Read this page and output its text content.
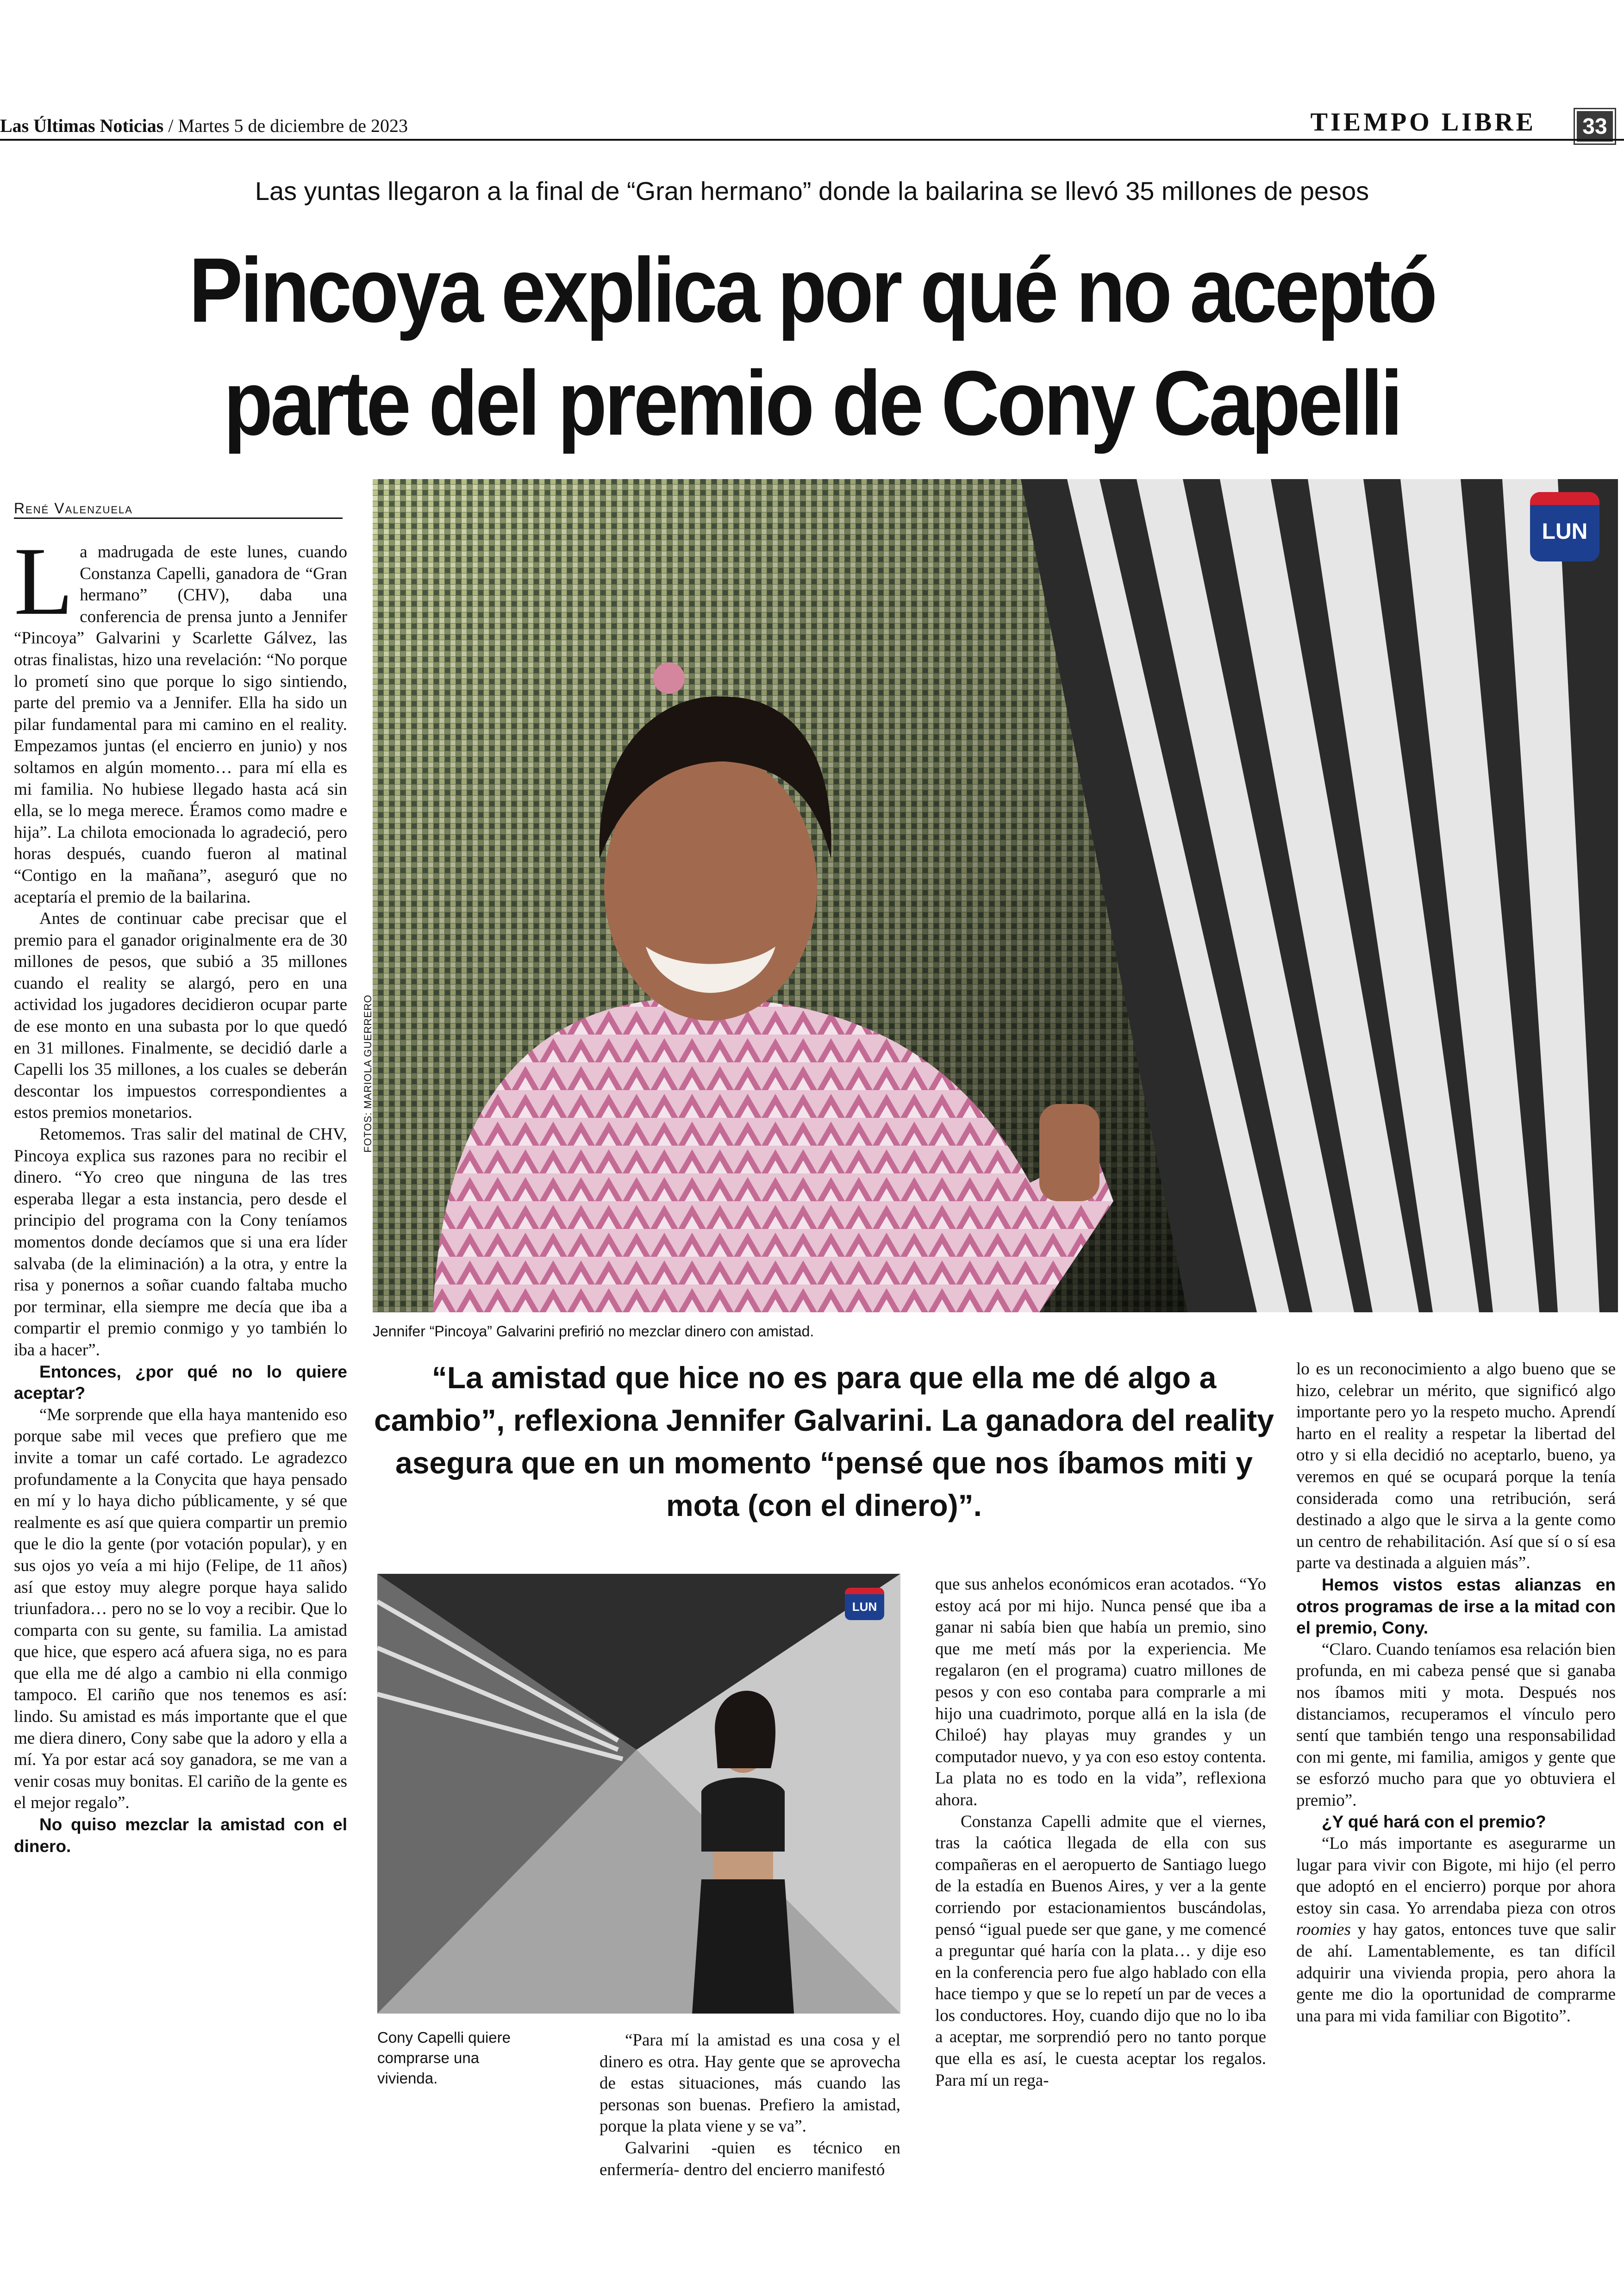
Las Últimas Noticias / Martes 5 de diciembre de 2023	TIEMPO LIBRE	33
Las yuntas llegaron a la final de “Gran hermano” donde la bailarina se llevó 35 millones de pesos
Pincoya explica por qué no aceptó
parte del premio de Cony Capelli
René Valenzuela

La madrugada de este lunes, cuando Constanza Capelli, ganadora de “Gran hermano” (CHV), daba una conferencia de prensa junto a Jennifer “Pincoya” Galvarini y Scarlette Gálvez, las otras finalistas, hizo una revelación: “No porque lo prometí sino que porque lo sigo sintiendo, parte del premio va a Jennifer. Ella ha sido un pilar fundamental para mi camino en el reality. Empezamos juntas (el encierro en junio) y nos soltamos en algún momento… para mí ella es mi familia. No hubiese llegado hasta acá sin ella, se lo mega merece. Éramos como madre e hija”. La chilota emocionada lo agradeció, pero horas después, cuando fueron al matinal “Contigo en la mañana”, aseguró que no aceptaría el premio de la bailarina.

Antes de continuar cabe precisar que el premio para el ganador originalmente era de 30 millones de pesos, que subió a 35 millones cuando el reality se alargó, pero en una actividad los jugadores decidieron ocupar parte de ese monto en una subasta por lo que quedó en 31 millones. Finalmente, se decidió darle a Capelli los 35 millones, a los cuales se deberán descontar los impuestos correspondientes a estos premios monetarios.

Retomemos. Tras salir del matinal de CHV, Pincoya explica sus razones para no recibir el dinero. “Yo creo que ninguna de las tres esperaba llegar a esta instancia, pero desde el principio del programa con la Cony teníamos momentos donde decíamos que si una era líder salvaba (de la eliminación) a la otra, y entre la risa y ponernos a soñar cuando faltaba mucho por terminar, ella siempre me decía que iba a compartir el premio conmigo y yo también lo iba a hacer”.

Entonces, ¿por qué no lo quiere aceptar?

“Me sorprende que ella haya mantenido eso porque sabe mil veces que prefiero que me invite a tomar un café cortado. Le agradezco profundamente a la Conycita que haya pensado en mí y lo haya dicho públicamente, y sé que realmente es así que quiera compartir un premio que le dio la gente (por votación popular), y en sus ojos yo veía a mi hijo (Felipe, de 11 años) así que estoy muy alegre porque haya salido triunfadora… pero no se lo voy a recibir. Que lo comparta con su gente, su familia. La amistad que hice, que espero acá afuera siga, no es para que ella me dé algo a cambio ni ella conmigo tampoco. El cariño que nos tenemos es así: lindo. Su amistad es más importante que el que me diera dinero, Cony sabe que la adoro y ella a mí. Ya por estar acá soy ganadora, se me van a venir cosas muy bonitas. El cariño de la gente es el mejor regalo”.

No quiso mezclar la amistad con el dinero.

LUN
FOTOS: MARIOLA GUERRERO
Jennifer “Pincoya” Galvarini prefirió no mezclar dinero con amistad.
“La amistad que hice no es para que ella me dé algo a cambio”, reflexiona Jennifer Galvarini. La ganadora del reality asegura que en un momento “pensé que nos íbamos miti y mota (con el dinero)”.
LUN
Cony Capelli quiere comprarse una vivienda.

“Para mí la amistad es una cosa y el dinero es otra. Hay gente que se aprovecha de estas situaciones, más cuando las personas son buenas. Prefiero la amistad, porque la plata viene y se va”.

Galvarini -quien es técnico en enfermería- dentro del encierro manifestó

que sus anhelos económicos eran acotados. “Yo estoy acá por mi hijo. Nunca pensé que iba a ganar ni sabía bien que había un premio, sino que me metí más por la experiencia. Me regalaron (en el programa) cuatro millones de pesos y con eso contaba para comprarle a mi hijo una cuadrimoto, porque allá en la isla (de Chiloé) hay playas muy grandes y un computador nuevo, y ya con eso estoy contenta. La plata no es todo en la vida”, reflexiona ahora.

Constanza Capelli admite que el viernes, tras la caótica llegada de ella con sus compañeras en el aeropuerto de Santiago luego de la estadía en Buenos Aires, y ver a la gente corriendo por estacionamientos buscándolas, pensó “igual puede ser que gane, y me comencé a preguntar qué haría con la plata… y dije eso en la conferencia pero fue algo hablado con ella hace tiempo y que se lo repetí un par de veces a los conductores. Hoy, cuando dijo que no lo iba a aceptar, me sorprendió pero no tanto porque que ella es así, le cuesta aceptar los regalos. Para mí un rega-

lo es un reconocimiento a algo bueno que se hizo, celebrar un mérito, que significó algo importante pero yo la respeto mucho. Aprendí harto en el reality a respetar la libertad del otro y si ella decidió no aceptarlo, bueno, ya veremos en qué se ocupará porque la tenía considerada como una retribución, será destinado a algo que le sirva a la gente como un centro de rehabilitación. Así que sí o sí esa parte va destinada a alguien más”.

Hemos vistos estas alianzas en otros programas de irse a la mitad con el premio, Cony.

“Claro. Cuando teníamos esa relación bien profunda, en mi cabeza pensé que si ganaba nos íbamos miti y mota. Después nos distanciamos, recuperamos el vínculo pero sentí que también tengo una responsabilidad con mi gente, mi familia, amigos y gente que se esforzó mucho para que yo obtuviera el premio”.

¿Y qué hará con el premio?

“Lo más importante es asegurarme un lugar para vivir con Bigote, mi hijo (el perro que adoptó en el encierro) porque por ahora estoy sin casa. Yo arrendaba pieza con otros roomies y hay gatos, entonces tuve que salir de ahí. Lamentablemente, es tan difícil adquirir una vivienda propia, pero ahora la gente me dio la oportunidad de comprarme una para mi vida familiar con Bigotito”.
